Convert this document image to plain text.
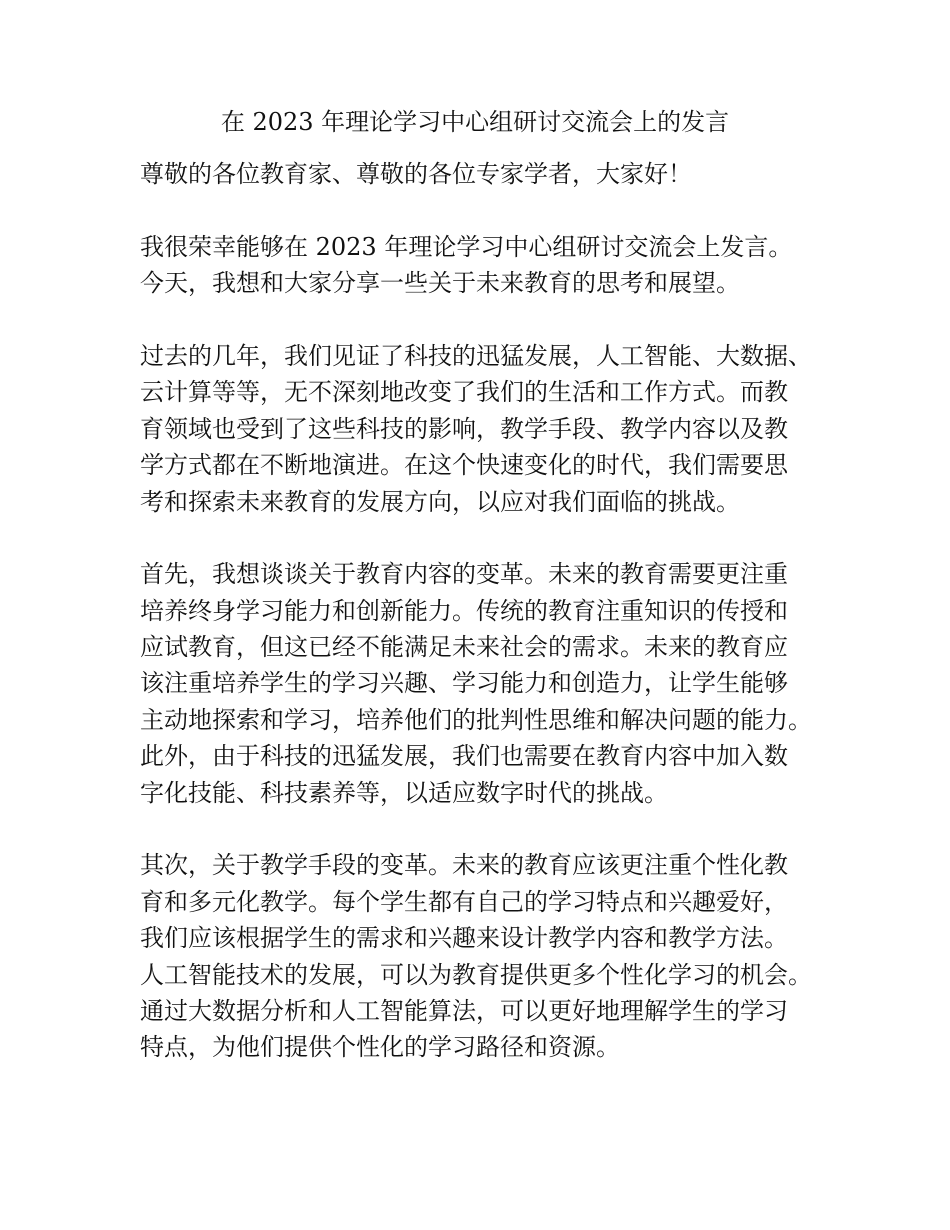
在 2023 年理论学习中心组研讨交流会上的发言
尊敬的各位教育家、尊敬的各位专家学者，大家好！
我很荣幸能够在 2023 年理论学习中心组研讨交流会上发言。
今天，我想和大家分享一些关于未来教育的思考和展望。
过去的几年，我们见证了科技的迅猛发展，人工智能、大数据、
云计算等等，无不深刻地改变了我们的生活和工作方式。而教
育领域也受到了这些科技的影响，教学手段、教学内容以及教
学方式都在不断地演进。在这个快速变化的时代，我们需要思
考和探索未来教育的发展方向，以应对我们面临的挑战。
首先，我想谈谈关于教育内容的变革。未来的教育需要更注重
培养终身学习能力和创新能力。传统的教育注重知识的传授和
应试教育，但这已经不能满足未来社会的需求。未来的教育应
该注重培养学生的学习兴趣、学习能力和创造力，让学生能够
主动地探索和学习，培养他们的批判性思维和解决问题的能力。
此外，由于科技的迅猛发展，我们也需要在教育内容中加入数
字化技能、科技素养等，以适应数字时代的挑战。
其次，关于教学手段的变革。未来的教育应该更注重个性化教
育和多元化教学。每个学生都有自己的学习特点和兴趣爱好，
我们应该根据学生的需求和兴趣来设计教学内容和教学方法。
人工智能技术的发展，可以为教育提供更多个性化学习的机会。
通过大数据分析和人工智能算法，可以更好地理解学生的学习
特点，为他们提供个性化的学习路径和资源。
